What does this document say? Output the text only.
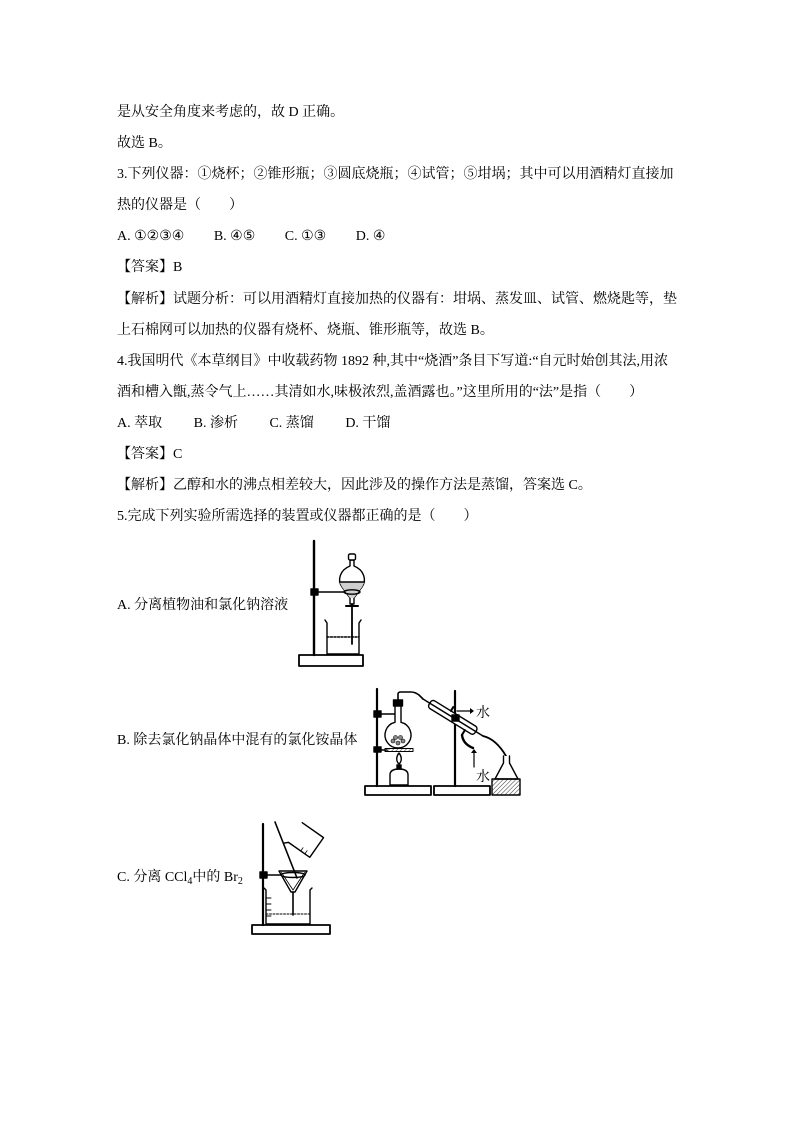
是从安全角度来考虑的，故 D 正确。
故选 B。
3.下列仪器：①烧杯；②锥形瓶；③圆底烧瓶；④试管；⑤坩埚；其中可以用酒精灯直接加
热的仪器是（　　）
A. ①②③④ B. ④⑤ C. ①③ D. ④
【答案】B
【解析】试题分析：可以用酒精灯直接加热的仪器有：坩埚、蒸发皿、试管、燃烧匙等，垫
上石棉网可以加热的仪器有烧杯、烧瓶、锥形瓶等，故选 B。
4.我国明代《本草纲目》中收载药物 1892 种,其中“烧酒”条目下写道:“自元时始创其法,用浓
酒和槽入甑,蒸令气上……其清如水,味极浓烈,盖酒露也。”这里所用的“法”是指（　　）
A. 萃取 B. 渗析 C. 蒸馏 D. 干馏
【答案】C
【解析】乙醇和水的沸点相差较大，因此涉及的操作方法是蒸馏，答案选 C。
5.完成下列实验所需选择的装置或仪器都正确的是（　　）
A. 分离植物油和氯化钠溶液
B. 除去氯化钠晶体中混有的氯化铵晶体
水
水
C. 分离 CCl$_4$中的 $Br_2$
